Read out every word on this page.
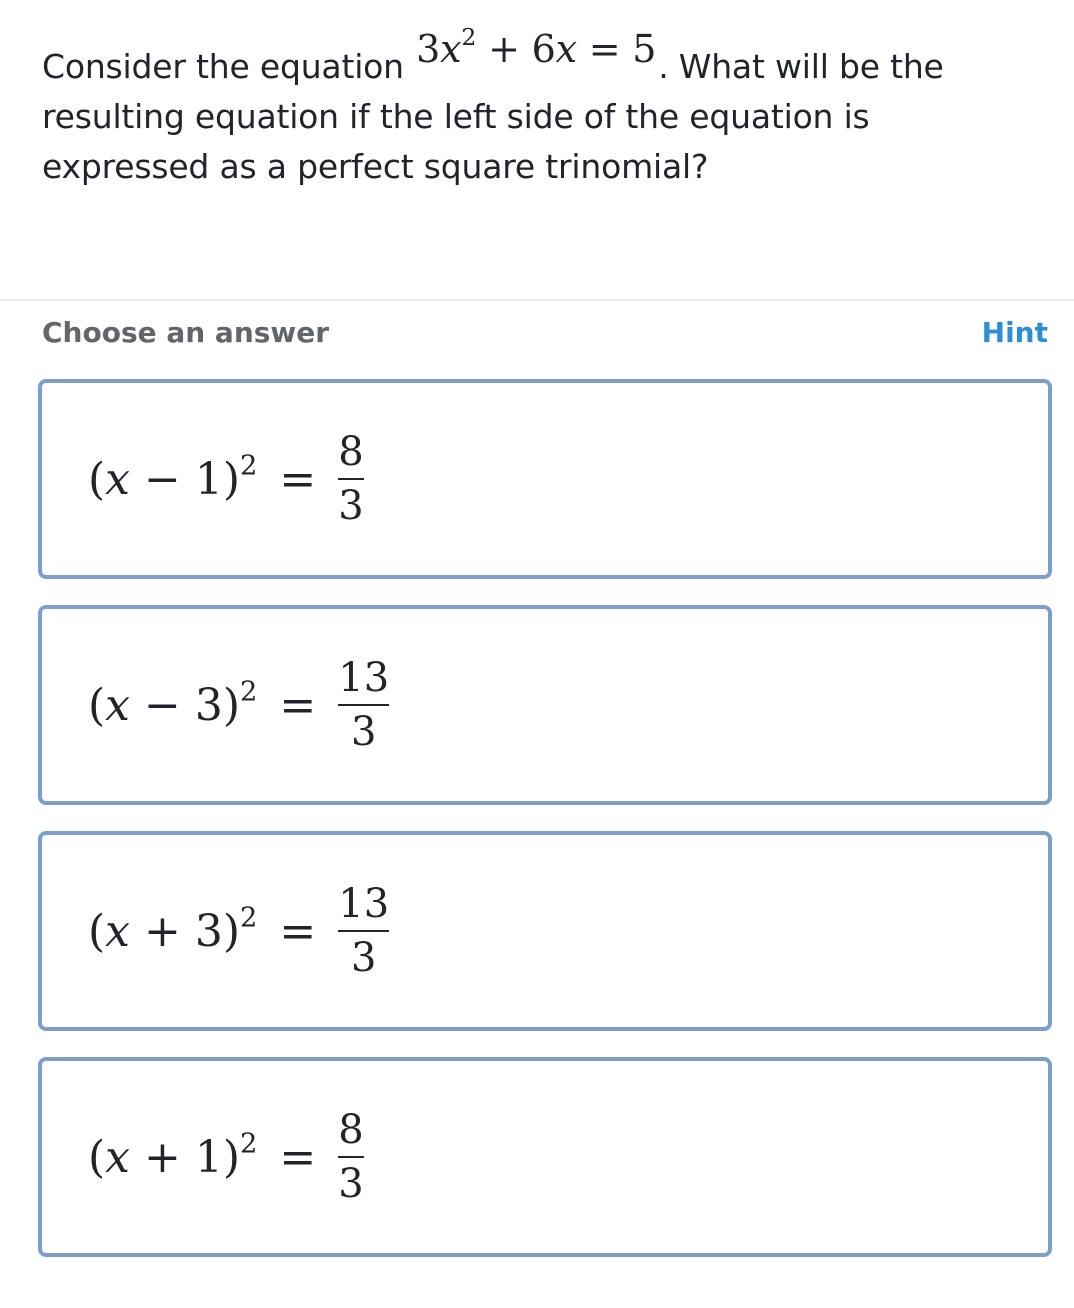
Consider the equation $3x^2 + 6x = 5$. What will be the resulting equation if the left side of the equation is expressed as a perfect square trinomial?
Choose an answer	Hint
$(x - 1)^2 = \frac{8}{3}$
$(x - 3)^2 = \frac{13}{3}$
$(x + 3)^2 = \frac{13}{3}$
$(x + 1)^2 = \frac{8}{3}$
